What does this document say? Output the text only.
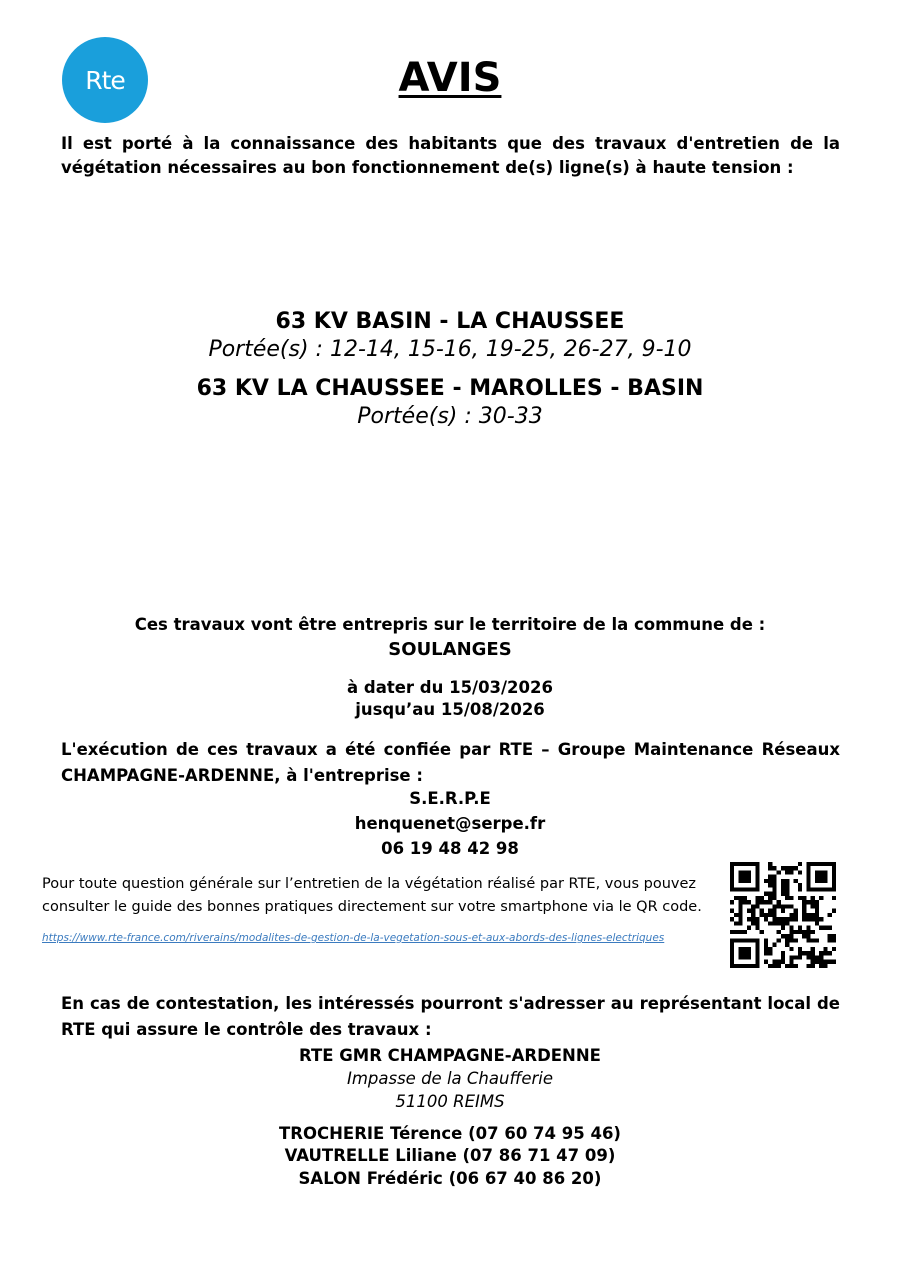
Rte	AVIS
Il est porté à la connaissance des habitants que des travaux d'entretien de la végétation nécessaires au bon fonctionnement de(s) ligne(s) à haute tension :
63 KV BASIN - LA CHAUSSEE
Portée(s) : 12-14, 15-16, 19-25, 26-27, 9-10
63 KV LA CHAUSSEE - MAROLLES - BASIN
Portée(s) : 30-33
Ces travaux vont être entrepris sur le territoire de la commune de :
SOULANGES
à dater du 15/03/2026
jusqu’au 15/08/2026
L'exécution de ces travaux a été confiée par RTE – Groupe Maintenance Réseaux CHAMPAGNE-ARDENNE, à l'entreprise :
S.E.R.P.E
henquenet@serpe.fr
06 19 48 42 98
Pour toute question générale sur l’entretien de la végétation réalisé par RTE, vous pouvez
consulter le guide des bonnes pratiques directement sur votre smartphone via le QR code.
https://www.rte-france.com/riverains/modalites-de-gestion-de-la-vegetation-sous-et-aux-abords-des-lignes-electriques
En cas de contestation, les intéressés pourront s'adresser au représentant local de RTE qui assure le contrôle des travaux :
RTE GMR CHAMPAGNE-ARDENNE
Impasse de la Chaufferie
51100 REIMS
TROCHERIE Térence (07 60 74 95 46)
VAUTRELLE Liliane (07 86 71 47 09)
SALON Frédéric (06 67 40 86 20)
